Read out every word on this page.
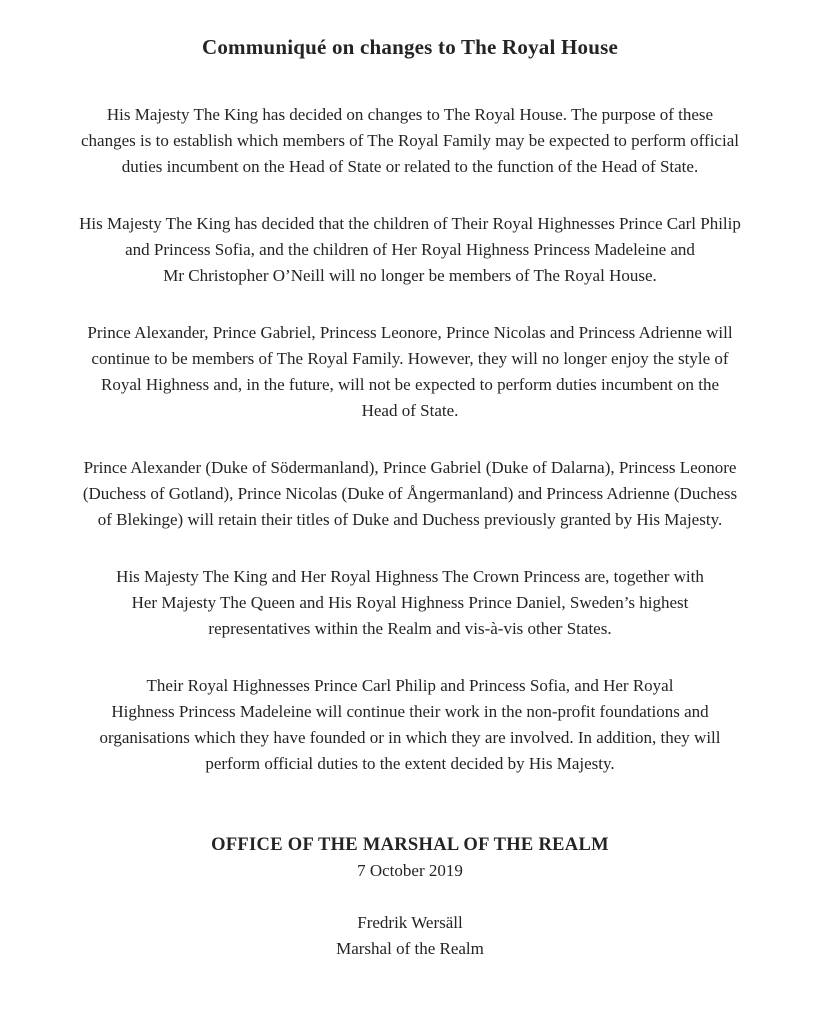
Communiqué on changes to The Royal House

His Majesty The King has decided on changes to The Royal House. The purpose of these
changes is to establish which members of The Royal Family may be expected to perform official
duties incumbent on the Head of State or related to the function of the Head of State.

His Majesty The King has decided that the children of Their Royal Highnesses Prince Carl Philip
and Princess Sofia, and the children of Her Royal Highness Princess Madeleine and
Mr Christopher O’Neill will no longer be members of The Royal House.

Prince Alexander, Prince Gabriel, Princess Leonore, Prince Nicolas and Princess Adrienne will
continue to be members of The Royal Family. However, they will no longer enjoy the style of
Royal Highness and, in the future, will not be expected to perform duties incumbent on the
Head of State.

Prince Alexander (Duke of Södermanland), Prince Gabriel (Duke of Dalarna), Princess Leonore
(Duchess of Gotland), Prince Nicolas (Duke of Ångermanland) and Princess Adrienne (Duchess
of Blekinge) will retain their titles of Duke and Duchess previously granted by His Majesty.

His Majesty The King and Her Royal Highness The Crown Princess are, together with
Her Majesty The Queen and His Royal Highness Prince Daniel, Sweden’s highest
representatives within the Realm and vis-à-vis other States.

Their Royal Highnesses Prince Carl Philip and Princess Sofia, and Her Royal
Highness Princess Madeleine will continue their work in the non-profit foundations and
organisations which they have founded or in which they are involved. In addition, they will
perform official duties to the extent decided by His Majesty.

OFFICE OF THE MARSHAL OF THE REALM
7 October 2019
Fredrik Wersäll
Marshal of the Realm
